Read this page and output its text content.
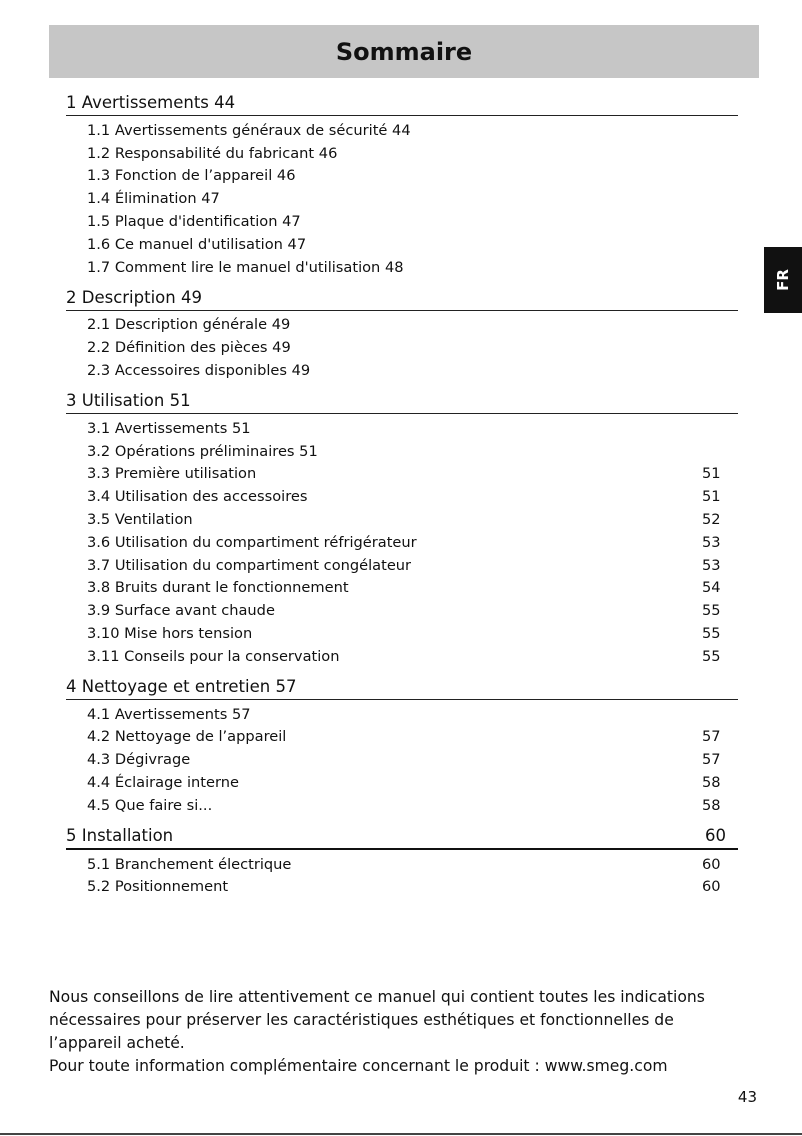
Sommaire
FR
1 Avertissements 44
1.1 Avertissements généraux de sécurité 44
1.2 Responsabilité du fabricant 46
1.3 Fonction de l’appareil 46
1.4 Élimination 47
1.5 Plaque d'identification 47
1.6 Ce manuel d'utilisation 47
1.7 Comment lire le manuel d'utilisation 48
2 Description 49
2.1 Description générale 49
2.2 Définition des pièces 49
2.3 Accessoires disponibles 49
3 Utilisation 51
3.1 Avertissements 51
3.2 Opérations préliminaires 51
3.3 Première utilisation	51
3.4 Utilisation des accessoires	51
3.5 Ventilation	52
3.6 Utilisation du compartiment réfrigérateur	53
3.7 Utilisation du compartiment congélateur	53
3.8 Bruits durant le fonctionnement	54
3.9 Surface avant chaude	55
3.10 Mise hors tension	55
3.11 Conseils pour la conservation	55
4 Nettoyage et entretien 57
4.1 Avertissements 57
4.2 Nettoyage de l’appareil	57
4.3 Dégivrage	57
4.4 Éclairage interne	58
4.5 Que faire si...	58
5 Installation	60
5.1 Branchement électrique	60
5.2 Positionnement	60

Nous conseillons de lire attentivement ce manuel qui contient toutes les indications nécessaires pour préserver les caractéristiques esthétiques et fonctionnelles de l’appareil acheté.

Pour toute information complémentaire concernant le produit : www.smeg.com

43
